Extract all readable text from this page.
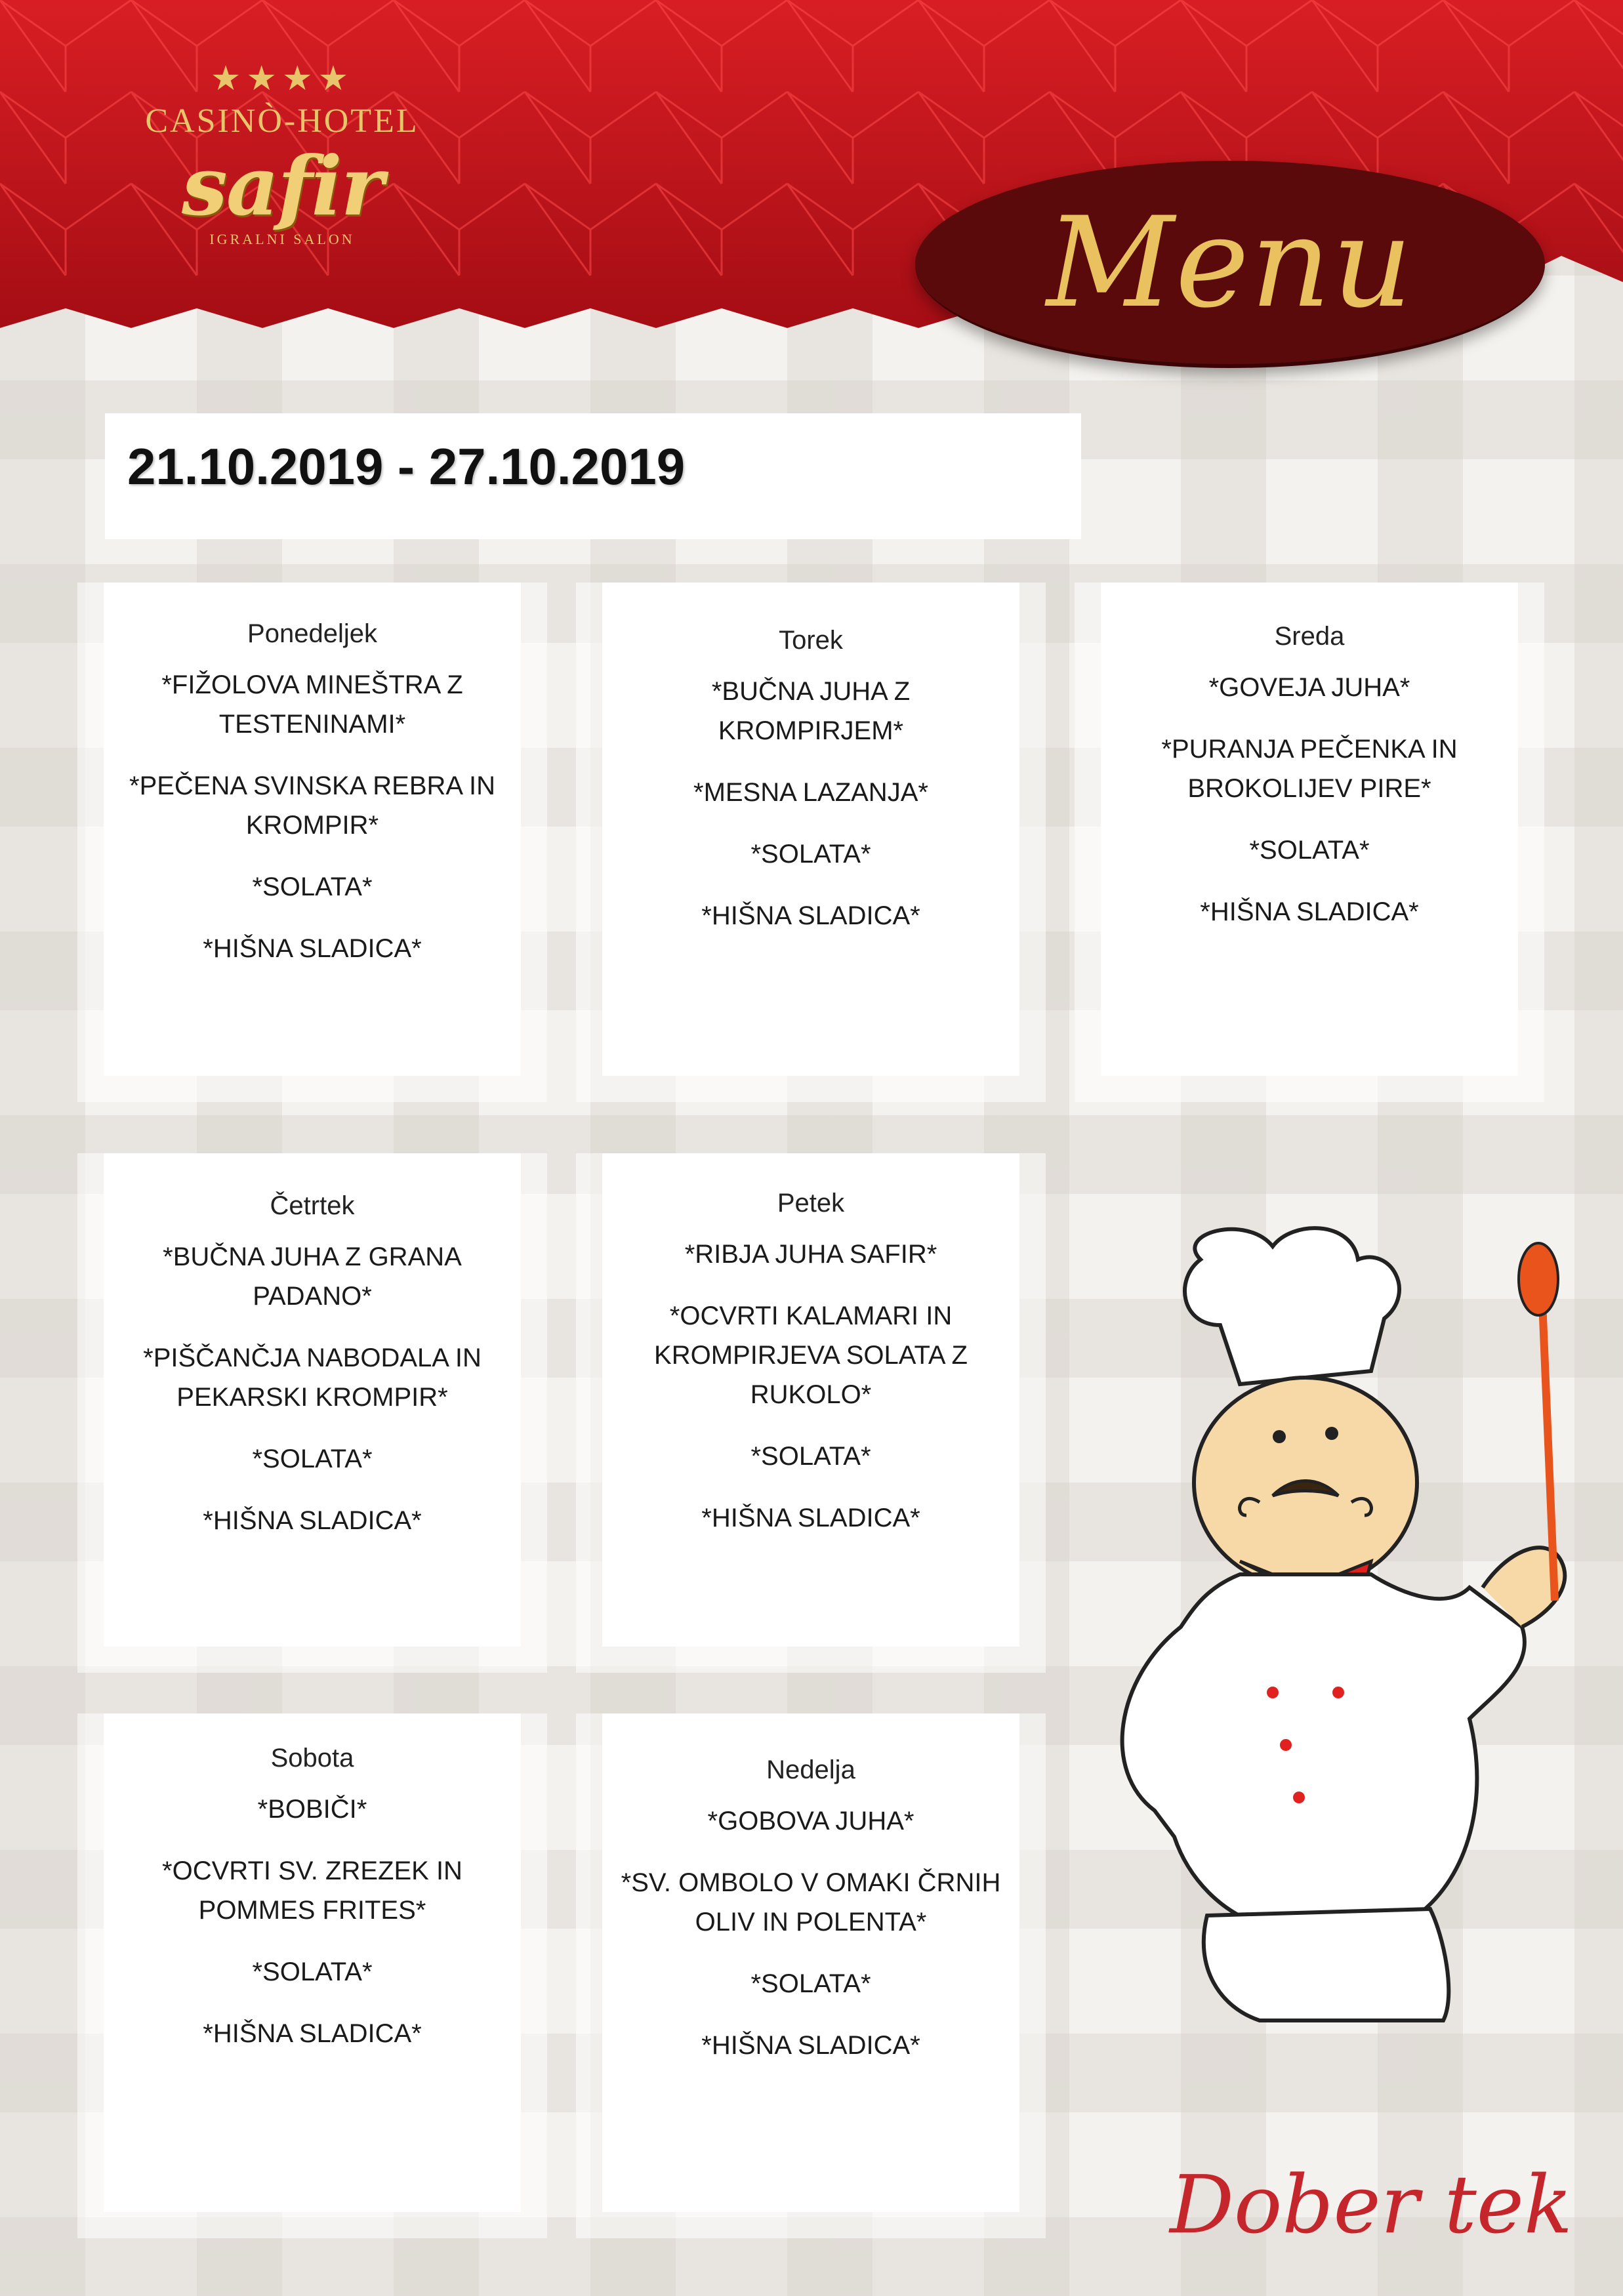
★★★★
CASINÒ-HOTEL
safir
IGRALNI SALON	Menu
21.10.2019 - 27.10.2019
Ponedeljek
*FIŽOLOVA MINEŠTRA Z
TESTENINAMI*
*PEČENA SVINSKA REBRA IN
KROMPIR*
*SOLATA*
*HIŠNA SLADICA*
Torek
*BUČNA JUHA Z
KROMPIRJEM*
*MESNA LAZANJA*
*SOLATA*
*HIŠNA SLADICA*
Sreda
*GOVEJA JUHA*
*PURANJA PEČENKA IN
BROKOLIJEV PIRE*
*SOLATA*
*HIŠNA SLADICA*
Četrtek
*BUČNA JUHA Z GRANA
PADANO*
*PIŠČANČJA NABODALA IN
PEKARSKI KROMPIR*
*SOLATA*
*HIŠNA SLADICA*
Petek
*RIBJA JUHA SAFIR*
*OCVRTI KALAMARI IN
KROMPIRJEVA SOLATA Z
RUKOLO*
*SOLATA*
*HIŠNA SLADICA*
Sobota
*BOBIČI*
*OCVRTI SV. ZREZEK IN
POMMES FRITES*
*SOLATA*
*HIŠNA SLADICA*
Nedelja
*GOBOVA JUHA*
*SV. OMBOLO V OMAKI ČRNIH
OLIV IN POLENTA*
*SOLATA*
*HIŠNA SLADICA*
Dober tek
